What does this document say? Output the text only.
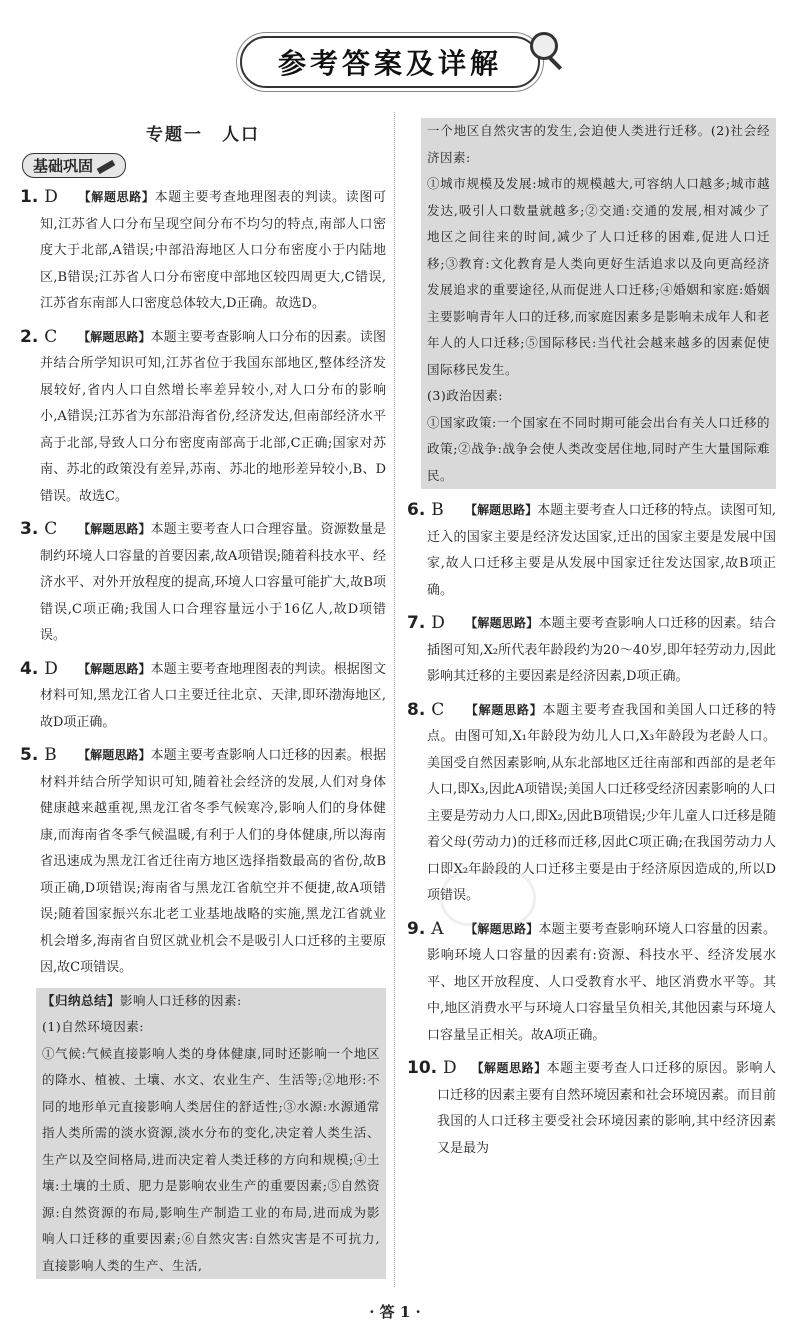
参考答案及详解
专题一　人口
基础巩固
1. D	【解题思路】本题主要考查地理图表的判读。读图可知,江苏省人口分布呈现空间分布不均匀的特点,南部人口密度大于北部,A错误;中部沿海地区人口分布密度小于内陆地区,B错误;江苏省人口分布密度中部地区较四周更大,C错误,江苏省东南部人口密度总体较大,D正确。故选D。
2. C	【解题思路】本题主要考查影响人口分布的因素。读图并结合所学知识可知,江苏省位于我国东部地区,整体经济发展较好,省内人口自然增长率差异较小,对人口分布的影响小,A错误;江苏省为东部沿海省份,经济发达,但南部经济水平高于北部,导致人口分布密度南部高于北部,C正确;国家对苏南、苏北的政策没有差异,苏南、苏北的地形差异较小,B、D错误。故选C。
3. C	【解题思路】本题主要考查人口合理容量。资源数量是制约环境人口容量的首要因素,故A项错误;随着科技水平、经济水平、对外开放程度的提高,环境人口容量可能扩大,故B项错误,C项正确;我国人口合理容量远小于16亿人,故D项错误。
4. D	【解题思路】本题主要考查地理图表的判读。根据图文材料可知,黑龙江省人口主要迁往北京、天津,即环渤海地区,故D项正确。
5. B	【解题思路】本题主要考查影响人口迁移的因素。根据材料并结合所学知识可知,随着社会经济的发展,人们对身体健康越来越重视,黑龙江省冬季气候寒冷,影响人们的身体健康,而海南省冬季气候温暖,有利于人们的身体健康,所以海南省迅速成为黑龙江省迁往南方地区选择指数最高的省份,故B项正确,D项错误;海南省与黑龙江省航空并不便捷,故A项错误;随着国家振兴东北老工业基地战略的实施,黑龙江省就业机会增多,海南省自贸区就业机会不是吸引人口迁移的主要原因,故C项错误。

【归纳总结】影响人口迁移的因素:

(1)自然环境因素:

①气候:气候直接影响人类的身体健康,同时还影响一个地区的降水、植被、土壤、水文、农业生产、生活等;②地形:不同的地形单元直接影响人类居住的舒适性;③水源:水源通常指人类所需的淡水资源,淡水分布的变化,决定着人类生活、生产以及空间格局,进而决定着人类迁移的方向和规模;④土壤:土壤的土质、肥力是影响农业生产的重要因素;⑤自然资源:自然资源的布局,影响生产制造工业的布局,进而成为影响人口迁移的重要因素;⑥自然灾害:自然灾害是不可抗力,直接影响人类的生产、生活,

一个地区自然灾害的发生,会迫使人类进行迁移。(2)社会经济因素:

①城市规模及发展:城市的规模越大,可容纳人口越多;城市越发达,吸引人口数量就越多;②交通:交通的发展,相对减少了地区之间往来的时间,减少了人口迁移的困难,促进人口迁移;③教育:文化教育是人类向更好生活追求以及向更高经济发展追求的重要途径,从而促进人口迁移;④婚姻和家庭:婚姻主要影响青年人口的迁移,而家庭因素多是影响未成年人和老年人的人口迁移;⑤国际移民:当代社会越来越多的因素促使国际移民发生。

(3)政治因素:

①国家政策:一个国家在不同时期可能会出台有关人口迁移的政策;②战争:战争会使人类改变居住地,同时产生大量国际难民。

6. B	【解题思路】本题主要考查人口迁移的特点。读图可知,迁入的国家主要是经济发达国家,迁出的国家主要是发展中国家,故人口迁移主要是从发展中国家迁往发达国家,故B项正确。
7. D	【解题思路】本题主要考查影响人口迁移的因素。结合插图可知,X₂所代表年龄段约为20～40岁,即年轻劳动力,因此影响其迁移的主要因素是经济因素,D项正确。
8. C	【解题思路】本题主要考查我国和美国人口迁移的特点。由图可知,X₁年龄段为幼儿人口,X₃年龄段为老龄人口。美国受自然因素影响,从东北部地区迁往南部和西部的是老年人口,即X₃,因此A项错误;美国人口迁移受经济因素影响的人口主要是劳动力人口,即X₂,因此B项错误;少年儿童人口迁移是随着父母(劳动力)的迁移而迁移,因此C项正确;在我国劳动力人口即X₂年龄段的人口迁移主要是由于经济原因造成的,所以D项错误。
9. A	【解题思路】本题主要考查影响环境人口容量的因素。影响环境人口容量的因素有:资源、科技水平、经济发展水平、地区开放程度、人口受教育水平、地区消费水平等。其中,地区消费水平与环境人口容量呈负相关,其他因素与环境人口容量呈正相关。故A项正确。
10. D	【解题思路】本题主要考查人口迁移的原因。影响人口迁移的因素主要有自然环境因素和社会环境因素。而目前我国的人口迁移主要受社会环境因素的影响,其中经济因素又是最为
· 答 1 ·
